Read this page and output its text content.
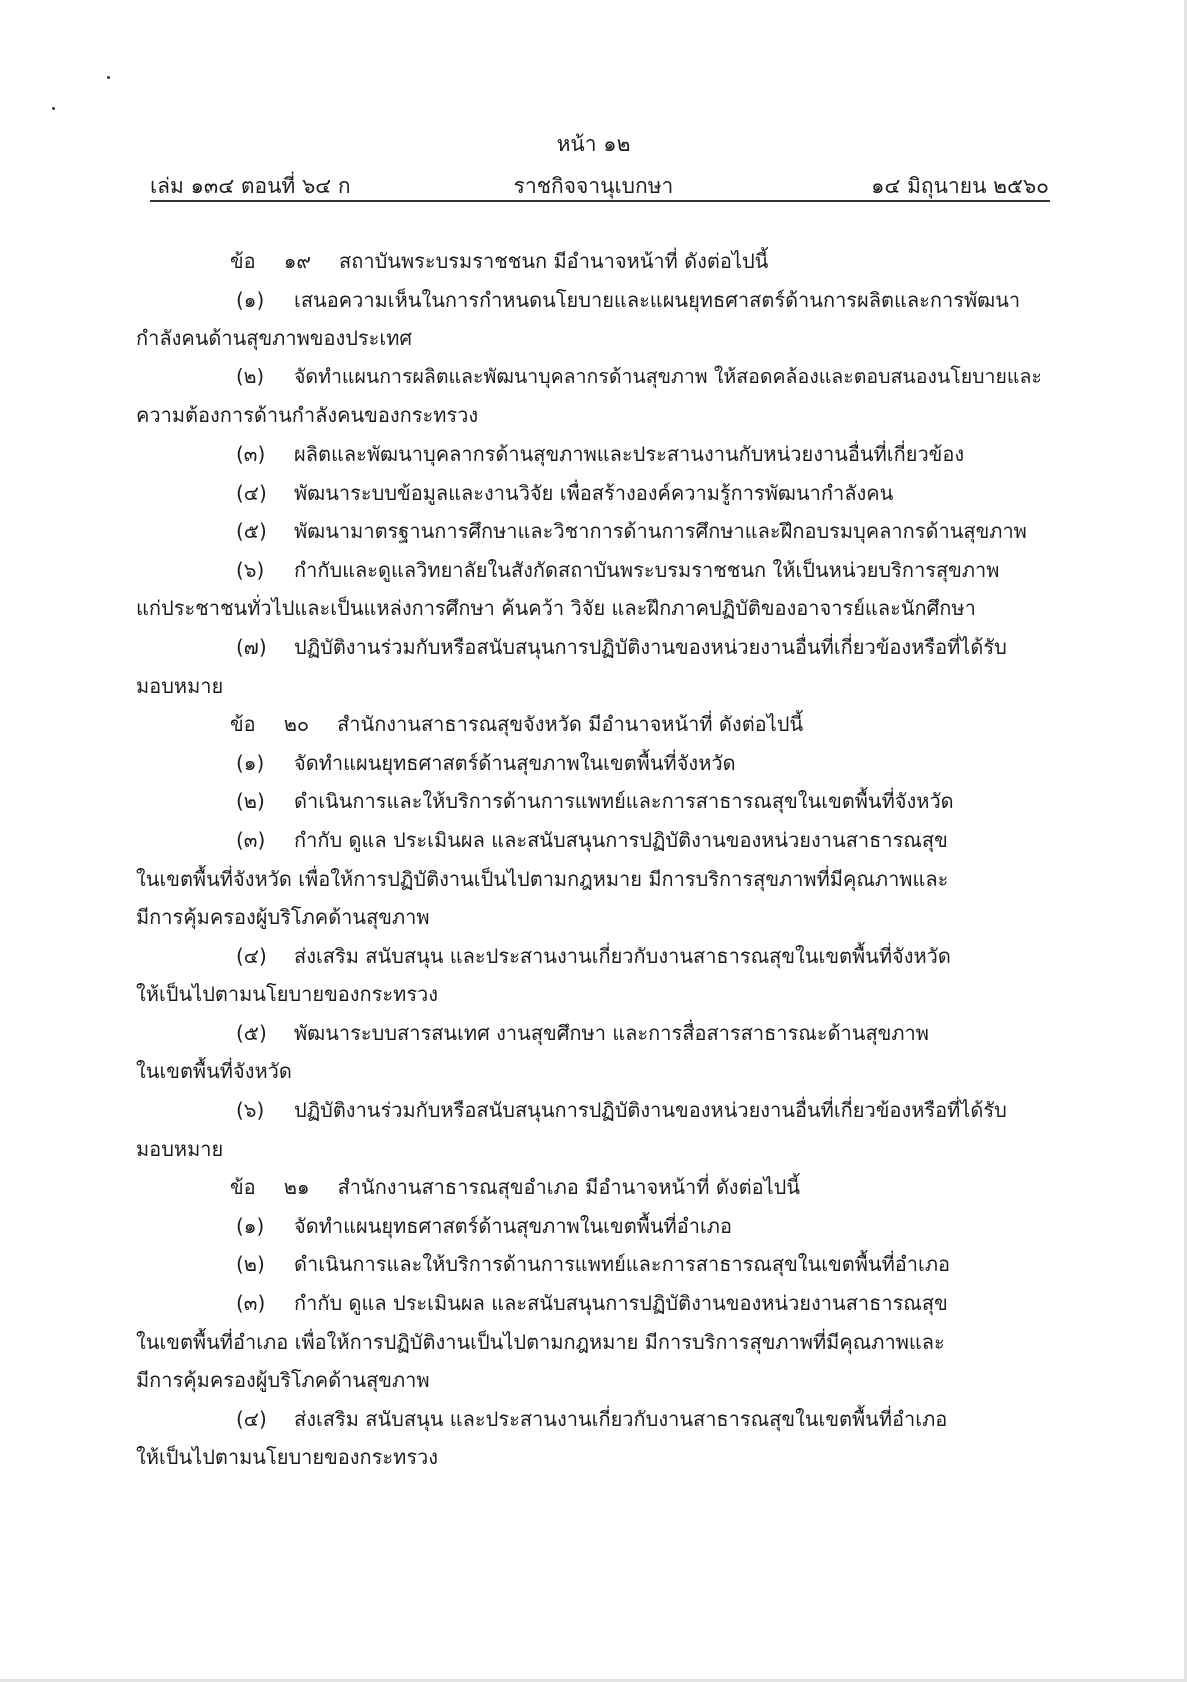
หน้า ๑๒
เล่ม ๑๓๔ ตอนที่ ๖๔ ก	ราชกิจจานุเบกษา	๑๔ มิถุนายน ๒๕๖๐
ข้อ ๑๙ สถาบันพระบรมราชชนก มีอำนาจหน้าที่ ดังต่อไปนี้
(๑) เสนอความเห็นในการกำหนดนโยบายและแผนยุทธศาสตร์ด้านการผลิตและการพัฒนา
กำลังคนด้านสุขภาพของประเทศ
(๒) จัดทำแผนการผลิตและพัฒนาบุคลากรด้านสุขภาพ ให้สอดคล้องและตอบสนองนโยบายและ
ความต้องการด้านกำลังคนของกระทรวง
(๓) ผลิตและพัฒนาบุคลากรด้านสุขภาพและประสานงานกับหน่วยงานอื่นที่เกี่ยวข้อง
(๔) พัฒนาระบบข้อมูลและงานวิจัย เพื่อสร้างองค์ความรู้การพัฒนากำลังคน
(๕) พัฒนามาตรฐานการศึกษาและวิชาการด้านการศึกษาและฝึกอบรมบุคลากรด้านสุขภาพ
(๖) กำกับและดูแลวิทยาลัยในสังกัดสถาบันพระบรมราชชนก ให้เป็นหน่วยบริการสุขภาพ
แก่ประชาชนทั่วไปและเป็นแหล่งการศึกษา ค้นคว้า วิจัย และฝึกภาคปฏิบัติของอาจารย์และนักศึกษา
(๗) ปฏิบัติงานร่วมกับหรือสนับสนุนการปฏิบัติงานของหน่วยงานอื่นที่เกี่ยวข้องหรือที่ได้รับ
มอบหมาย
ข้อ ๒๐ สำนักงานสาธารณสุขจังหวัด มีอำนาจหน้าที่ ดังต่อไปนี้
(๑) จัดทำแผนยุทธศาสตร์ด้านสุขภาพในเขตพื้นที่จังหวัด
(๒) ดำเนินการและให้บริการด้านการแพทย์และการสาธารณสุขในเขตพื้นที่จังหวัด
(๓) กำกับ ดูแล ประเมินผล และสนับสนุนการปฏิบัติงานของหน่วยงานสาธารณสุข
ในเขตพื้นที่จังหวัด เพื่อให้การปฏิบัติงานเป็นไปตามกฎหมาย มีการบริการสุขภาพที่มีคุณภาพและ
มีการคุ้มครองผู้บริโภคด้านสุขภาพ
(๔) ส่งเสริม สนับสนุน และประสานงานเกี่ยวกับงานสาธารณสุขในเขตพื้นที่จังหวัด
ให้เป็นไปตามนโยบายของกระทรวง
(๕) พัฒนาระบบสารสนเทศ งานสุขศึกษา และการสื่อสารสาธารณะด้านสุขภาพ
ในเขตพื้นที่จังหวัด
(๖) ปฏิบัติงานร่วมกับหรือสนับสนุนการปฏิบัติงานของหน่วยงานอื่นที่เกี่ยวข้องหรือที่ได้รับ
มอบหมาย
ข้อ ๒๑ สำนักงานสาธารณสุขอำเภอ มีอำนาจหน้าที่ ดังต่อไปนี้
(๑) จัดทำแผนยุทธศาสตร์ด้านสุขภาพในเขตพื้นที่อำเภอ
(๒) ดำเนินการและให้บริการด้านการแพทย์และการสาธารณสุขในเขตพื้นที่อำเภอ
(๓) กำกับ ดูแล ประเมินผล และสนับสนุนการปฏิบัติงานของหน่วยงานสาธารณสุข
ในเขตพื้นที่อำเภอ เพื่อให้การปฏิบัติงานเป็นไปตามกฎหมาย มีการบริการสุขภาพที่มีคุณภาพและ
มีการคุ้มครองผู้บริโภคด้านสุขภาพ
(๔) ส่งเสริม สนับสนุน และประสานงานเกี่ยวกับงานสาธารณสุขในเขตพื้นที่อำเภอ
ให้เป็นไปตามนโยบายของกระทรวง
